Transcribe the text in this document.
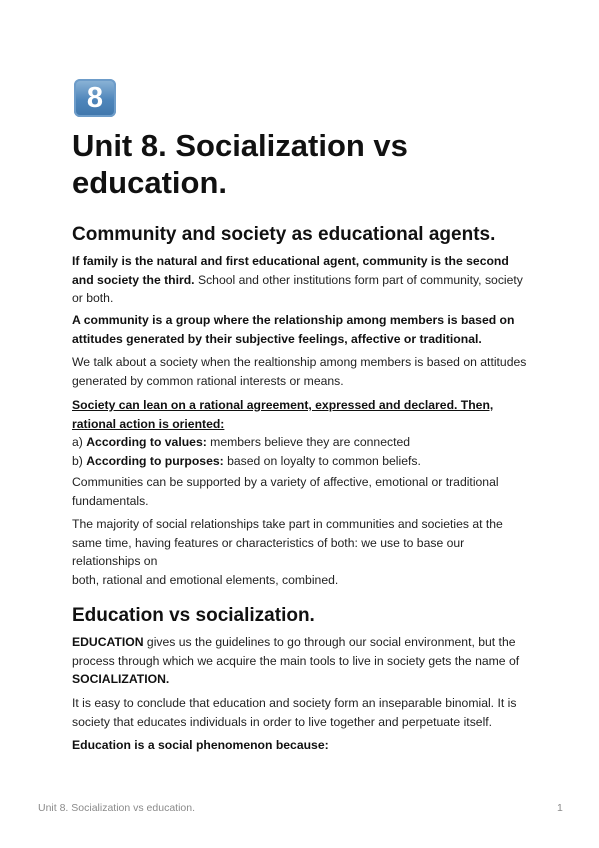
8
Unit 8. Socialization vs education.
Community and society as educational agents.

If family is the natural and first educational agent, community is the second and society the third. School and other institutions form part of community, society or both.

A community is a group where the relationship among members is based on attitudes generated by their subjective feelings, affective or traditional.

We talk about a society when the realtionship among members is based on attitudes generated by common rational interests or means.

Society can lean on a rational agreement, expressed and declared. Then, rational action is oriented:
a) According to values: members believe they are connected
b) According to purposes: based on loyalty to common beliefs.

Communities can be supported by a variety of affective, emotional or traditional fundamentals.

The majority of social relationships take part in communities and societies at the same time, having features or characteristics of both: we use to base our relationships on
both, rational and emotional elements, combined.

Education vs socialization.

EDUCATION gives us the guidelines to go through our social environment, but the process through which we acquire the main tools to live in society gets the name of SOCIALIZATION.

It is easy to conclude that education and society form an inseparable binomial. It is society that educates individuals in order to live together and perpetuate itself.

Education is a social phenomenon because:

Unit 8. Socialization vs education.	1
